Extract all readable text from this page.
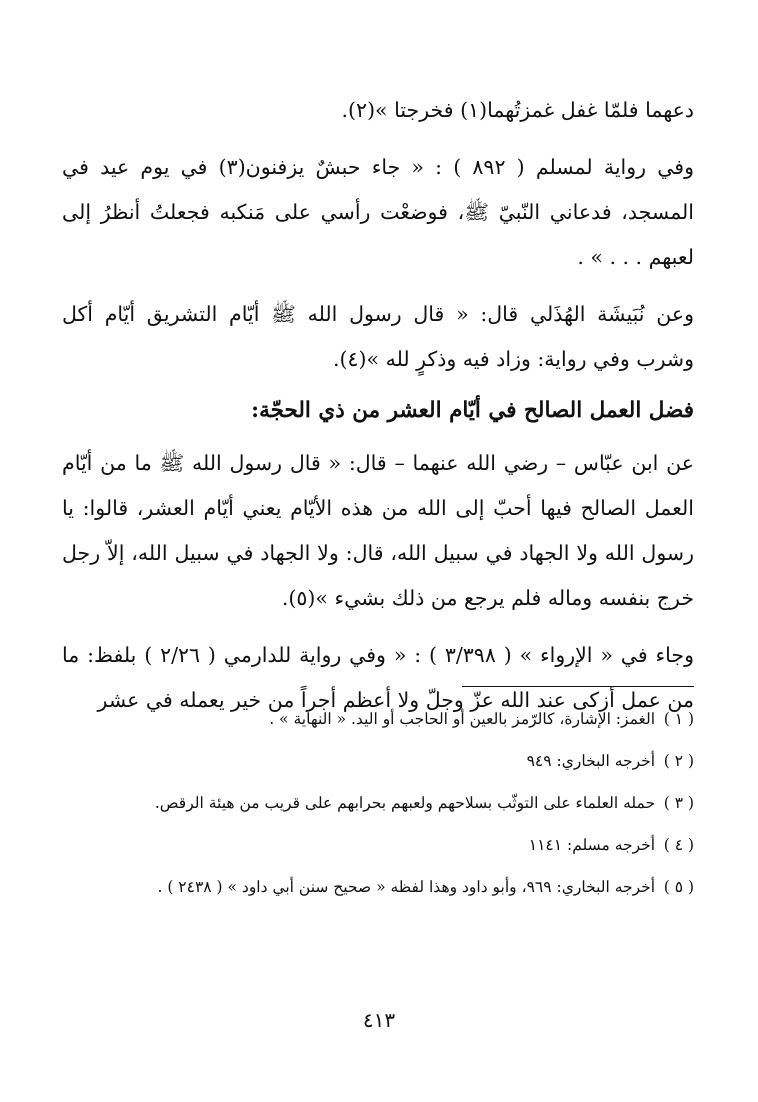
دعهما فلمّا غفل غمزتُهما(١) فخرجتا »(٢).

وفي رواية لمسلم ( ٨٩٢ ) : « جاء حبشٌ يزفنون(٣) في يوم عيد في المسجد، فدعاني النّبيّ ﷺ، فوضعْت رأسي على مَنكبه فجعلتُ أنظرُ إلى لعبهم . . . » .

وعن نُبَيشَة الهُذَلي قال: « قال رسول الله ﷺ أيّام التشريق أيّام أكل وشرب وفي رواية: وزاد فيه وذكرٍ لله »(٤).

فضل العمل الصالح في أيّام العشر من ذي الحجّة:

عن ابن عبّاس – رضي الله عنهما – قال: « قال رسول الله ﷺ ما من أيّام العمل الصالح فيها أحبّ إلى الله من هذه الأيّام يعني أيّام العشر، قالوا: يا رسول الله ولا الجهاد في سبيل الله، قال: ولا الجهاد في سبيل الله، إلاّ رجل خرج بنفسه وماله فلم يرجع من ذلك بشيء »(٥).

وجاء في « الإرواء » ( ٣/٣٩٨ ) : « وفي رواية للدارمي ( ٢/٢٦ ) بلفظ: ما من عمل أزكى عند الله عزّ وجلّ ولا أعظم أجراً من خير يعمله في عشر

( ١ ) الغمز: الإشارة، كالرّمز بالعين أو الحاجب أو اليد. « النهاية » .

( ٢ ) أخرجه البخاري: ٩٤٩

( ٣ ) حمله العلماء على التوثّب بسلاحهم ولعبهم بحرابهم على قريب من هيئة الرقص.

( ٤ ) أخرجه مسلم: ١١٤١

( ٥ ) أخرجه البخاري: ٩٦٩، وأبو داود وهذا لفظه « صحيح سنن أبي داود » ( ٢٤٣٨ ) .

٤١٣
